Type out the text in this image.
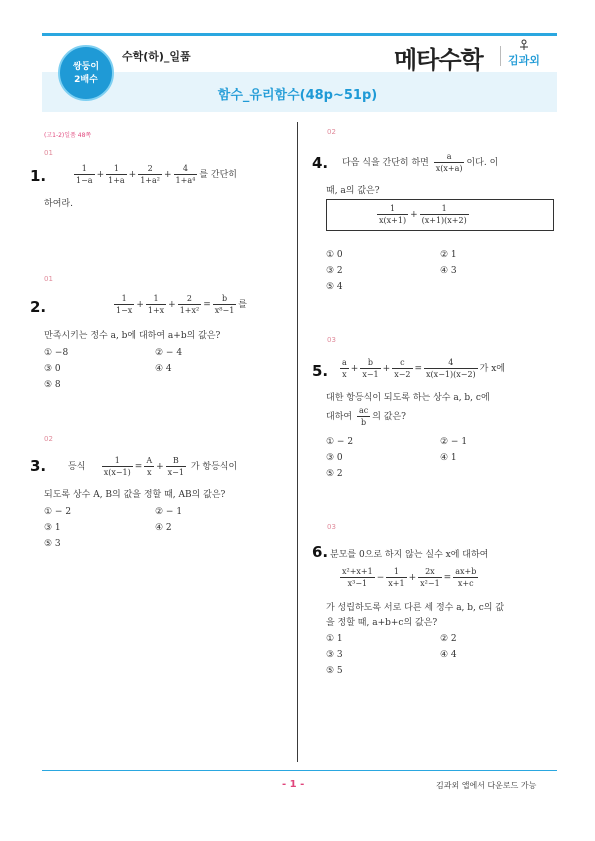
쌍둥이
2배수
수학(하)_일품	메타수학 김과외
함수_유리함수(48p~51p)
(고1-2)일품 48쪽
01
1.	$\frac{1}{1-a} + \frac{1}{1+a} + \frac{2}{\text{1+a²}} + \frac{4}{\text{1+a⁴}}$ 를 간단히
하여라.
01
2.	$\frac{1}{1-x} + \frac{1}{1+x} + \frac{2}{\text{1+x²}} = \frac{b}{\text{x⁸−1}}$ 를
만족시키는 정수 a, b에 대하여 a+b의 값은?
① −8	② − 4
③ 0	④ 4
⑤ 8
02
3. 등식 $\frac{1}{x(x-1)} = \frac{A}{x} + \frac{B}{x-1}$ 가 항등식이
되도록 상수 A, B의 값을 정할 때, AB의 값은?
① − 2	② − 1
③ 1	④ 2
⑤ 3
02
4. 다음 식을 간단히 하면 $\frac{a}{x(x+a)}$ 이다. 이
때, a의 값은?
$\frac{1}{x(x+1)} + \frac{1}{(x+1)(x+2)}$
① 0	② 1
③ 2	④ 3
⑤ 4
03
5. $\frac{a}{x} + \frac{b}{x-1} + \frac{c}{x-2} = \frac{4}{x(x-1)(x-2)}$ 가 x에
대한 항등식이 되도록 하는 상수 a, b, c에
대하여 $\frac{ac}{b}$ 의 값은?
① − 2	② − 1
③ 0	④ 1
⑤ 2
03
6. 분모를 0으로 하지 않는 실수 x에 대하여
$\frac{\text{x²+x+1}}{\text{x³−1}} - \frac{1}{x+1} + \frac{2x}{\text{x²−1}} = \frac{ax+b}{x+c}$
가 성립하도록 서로 다른 세 정수 a, b, c의 값
을 정할 때, a+b+c의 값은?
① 1	② 2
③ 3	④ 4
⑤ 5
- 1 -	김과외 앱에서 다운로드 가능
